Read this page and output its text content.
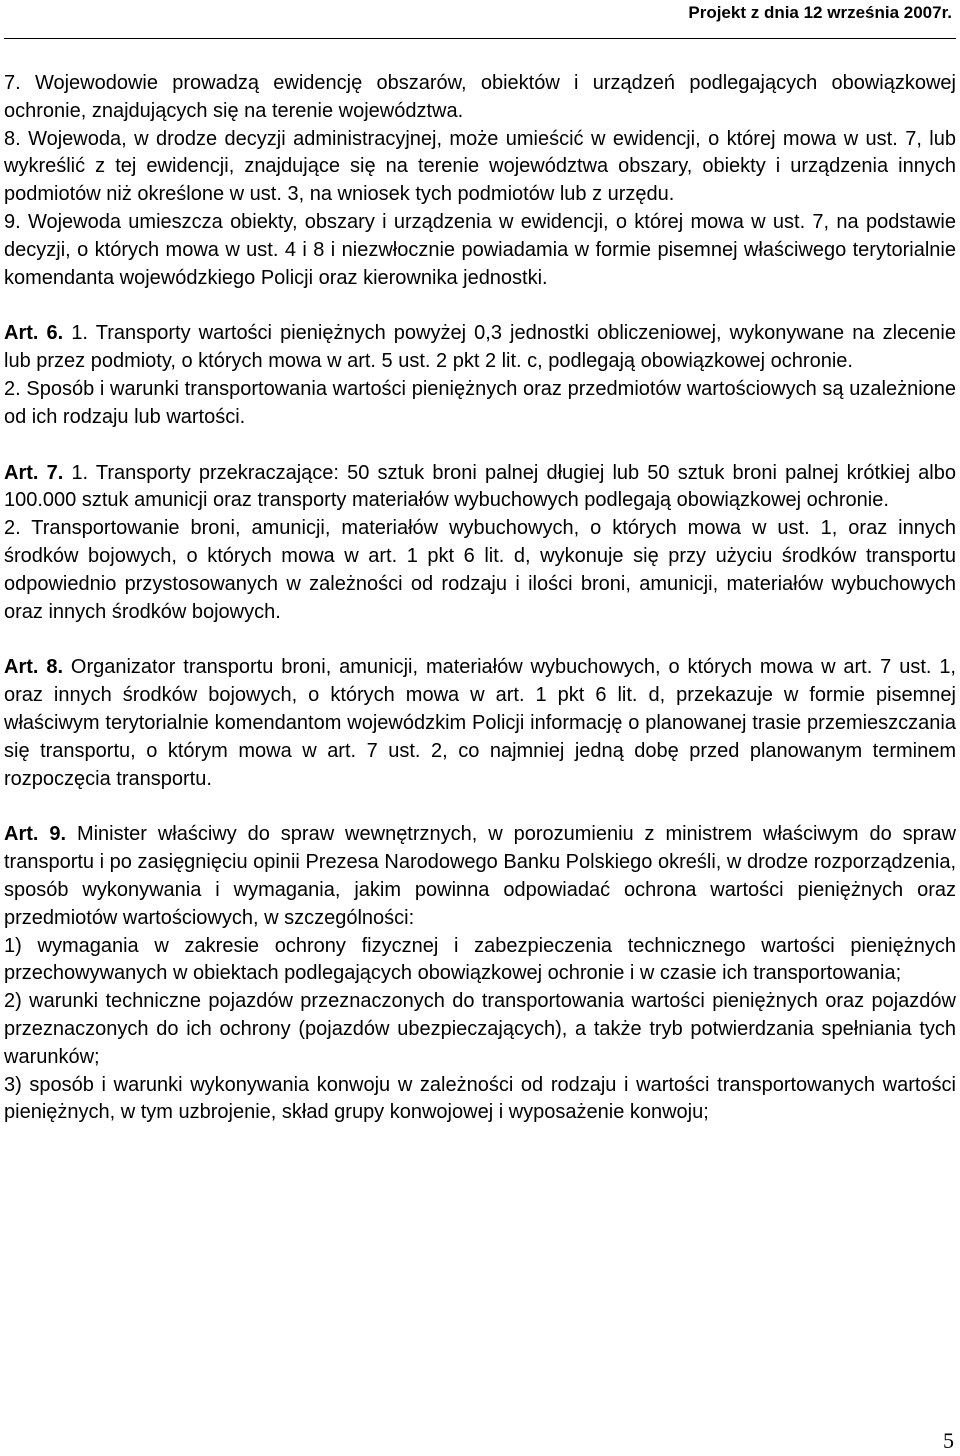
Projekt z dnia 12 września 2007r.

7. Wojewodowie prowadzą ewidencję obszarów, obiektów i urządzeń podlegających obowiązkowej ochronie, znajdujących się na terenie województwa.

8. Wojewoda, w drodze decyzji administracyjnej, może umieścić w ewidencji, o której mowa w ust. 7, lub wykreślić z tej ewidencji, znajdujące się na terenie województwa obszary, obiekty i urządzenia innych podmiotów niż określone w ust. 3, na wniosek tych podmiotów lub z urzędu.

9. Wojewoda umieszcza obiekty, obszary i urządzenia w ewidencji, o której mowa w ust. 7, na podstawie decyzji, o których mowa w ust. 4 i 8 i niezwłocznie powiadamia w formie pisemnej właściwego terytorialnie komendanta wojewódzkiego Policji oraz kierownika jednostki.

Art. 6. 1. Transporty wartości pieniężnych powyżej 0,3 jednostki obliczeniowej, wykonywane na zlecenie lub przez podmioty, o których mowa w art. 5 ust. 2 pkt 2 lit. c, podlegają obowiązkowej ochronie.

2. Sposób i warunki transportowania wartości pieniężnych oraz przedmiotów wartościowych są uzależnione od ich rodzaju lub wartości.

Art. 7. 1. Transporty przekraczające: 50 sztuk broni palnej długiej lub 50 sztuk broni palnej krótkiej albo 100.000 sztuk amunicji oraz transporty materiałów wybuchowych podlegają obowiązkowej ochronie.

2. Transportowanie broni, amunicji, materiałów wybuchowych, o których mowa w ust. 1, oraz innych środków bojowych, o których mowa w art. 1 pkt 6 lit. d, wykonuje się przy użyciu środków transportu odpowiednio przystosowanych w zależności od rodzaju i ilości broni, amunicji, materiałów wybuchowych oraz innych środków bojowych.

Art. 8. Organizator transportu broni, amunicji, materiałów wybuchowych, o których mowa w art. 7 ust. 1, oraz innych środków bojowych, o których mowa w art. 1 pkt 6 lit. d, przekazuje w formie pisemnej właściwym terytorialnie komendantom wojewódzkim Policji informację o planowanej trasie przemieszczania się transportu, o którym mowa w art. 7 ust. 2, co najmniej jedną dobę przed planowanym terminem rozpoczęcia transportu.

Art. 9. Minister właściwy do spraw wewnętrznych, w porozumieniu z ministrem właściwym do spraw transportu i po zasięgnięciu opinii Prezesa Narodowego Banku Polskiego określi, w drodze rozporządzenia, sposób wykonywania i wymagania, jakim powinna odpowiadać ochrona wartości pieniężnych oraz przedmiotów wartościowych, w szczególności:

1) wymagania w zakresie ochrony fizycznej i zabezpieczenia technicznego wartości pieniężnych przechowywanych w obiektach podlegających obowiązkowej ochronie i w czasie ich transportowania;

2) warunki techniczne pojazdów przeznaczonych do transportowania wartości pieniężnych oraz pojazdów przeznaczonych do ich ochrony (pojazdów ubezpieczających), a także tryb potwierdzania spełniania tych warunków;

3) sposób i warunki wykonywania konwoju w zależności od rodzaju i wartości transportowanych wartości pieniężnych, w tym uzbrojenie, skład grupy konwojowej i wyposażenie konwoju;

5
